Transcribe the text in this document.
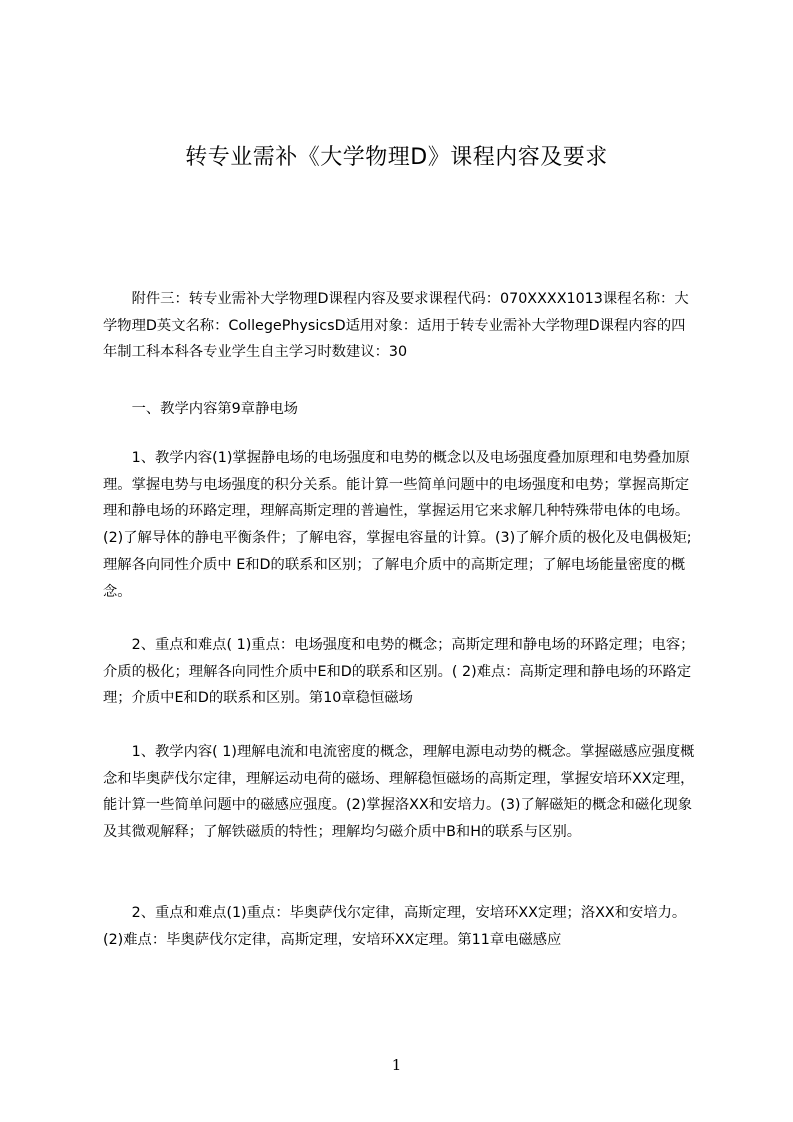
转专业需补《大学物理D》课程内容及要求

附件三：转专业需补大学物理D课程内容及要求课程代码：070XXXX1013课程名称：大学物理D英文名称：CollegePhysicsD适用对象：适用于转专业需补大学物理D课程内容的四年制工科本科各专业学生自主学习时数建议：30

一、教学内容第9章静电场

1、教学内容(1)掌握静电场的电场强度和电势的概念以及电场强度叠加原理和电势叠加原理。掌握电势与电场强度的积分关系。能计算一些简单问题中的电场强度和电势；掌握高斯定理和静电场的环路定理，理解高斯定理的普遍性，掌握运用它来求解几种特殊带电体的电场。(2)了解导体的静电平衡条件；了解电容，掌握电容量的计算。(3)了解介质的极化及电偶极矩;理解各向同性介质中 E和D的联系和区别；了解电介质中的高斯定理；了解电场能量密度的概念。

2、重点和难点( 1)重点：电场强度和电势的概念；高斯定理和静电场的环路定理；电容；介质的极化；理解各向同性介质中E和D的联系和区别。( 2)难点：高斯定理和静电场的环路定理；介质中E和D的联系和区别。第10章稳恒磁场

1、教学内容( 1)理解电流和电流密度的概念，理解电源电动势的概念。掌握磁感应强度概念和毕奥萨伐尔定律，理解运动电荷的磁场、理解稳恒磁场的高斯定理，掌握安培环XX定理，能计算一些简单问题中的磁感应强度。(2)掌握洛XX和安培力。(3)了解磁矩的概念和磁化现象及其微观解释；了解铁磁质的特性；理解均匀磁介质中B和H的联系与区别。

2、重点和难点(1)重点：毕奥萨伐尔定律，高斯定理，安培环XX定理；洛XX和安培力。(2)难点：毕奥萨伐尔定律，高斯定理，安培环XX定理。第11章电磁感应

1
